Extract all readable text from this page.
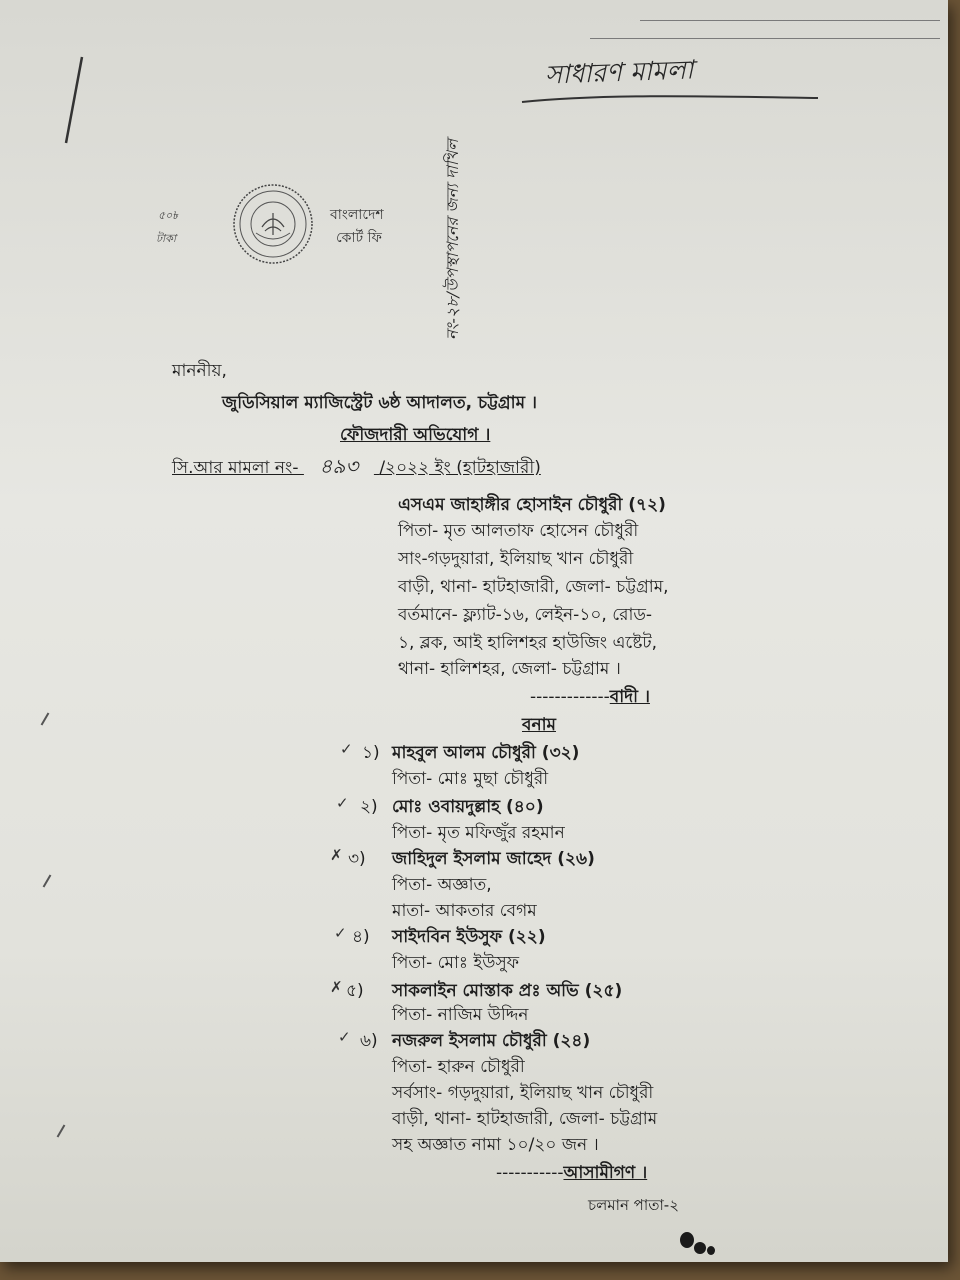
সাধারণ মামলা
৫০৳
টাকা
বাংলাদেশ
কোর্ট ফি	নং-২৮/উপস্থাপনের জন্য দাখিল
মাননীয়,
জুডিসিয়াল ম্যাজিস্ট্রেট ৬ষ্ঠ আদালত, চট্টগ্রাম ।
ফৌজদারী অভিযোগ ।
সি.আর মামলা নং- ৪৯৩ /২০২২ ইং (হাটহাজারী)
এসএম জাহাঙ্গীর হোসাইন চৌধুরী (৭২)
পিতা- মৃত আলতাফ হোসেন চৌধুরী
সাং-গড়দুয়ারা, ইলিয়াছ খান চৌধুরী
বাড়ী, থানা- হাটহাজারী, জেলা- চট্টগ্রাম,
বর্তমানে- ফ্ল্যাট-১৬, লেইন-১০, রোড-
১, ব্লক, আই হালিশহর হাউজিং এষ্টেট,
থানা- হালিশহর, জেলা- চট্টগ্রাম ।
-------------বাদী ।
বনাম
✓ ১) মাহবুল আলম চৌধুরী (৩২)
পিতা- মোঃ মুছা চৌধুরী
✓ ২) মোঃ ওবায়দুল্লাহ (৪০)
পিতা- মৃত মফিজুঁর রহমান
✗ ৩) জাহিদুল ইসলাম জাহেদ (২৬)
পিতা- অজ্ঞাত,
মাতা- আকতার বেগম
✓ ৪) সাইদবিন ইউসুফ (২২)
পিতা- মোঃ ইউসুফ
✗ ৫) সাকলাইন মোস্তাক প্রঃ অভি (২৫)
পিতা- নাজিম উদ্দিন
✓ ৬) নজরুল ইসলাম চৌধুরী (২৪)
পিতা- হারুন চৌধুরী
সর্বসাং- গড়দুয়ারা, ইলিয়াছ খান চৌধুরী
বাড়ী, থানা- হাটহাজারী, জেলা- চট্টগ্রাম
সহ অজ্ঞাত নামা ১০/২০ জন ।
-----------আসামীগণ ।
চলমান পাতা-২
